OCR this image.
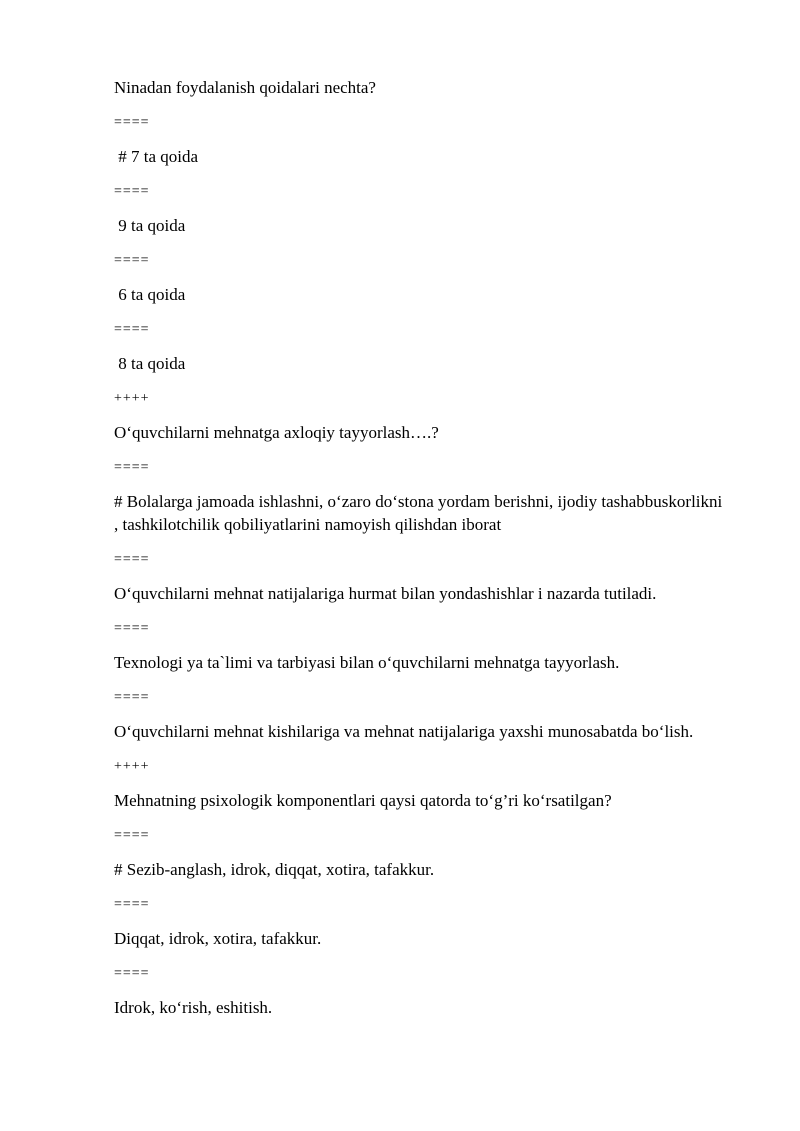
Ninadan foydalanish qoidalari nechta?

====

# 7 ta qoida

====

9 ta qoida

====

6 ta qoida

====

8 ta qoida

++++

O‘quvchilarni mehnatga axloqiy tayyorlash….?

====

# Bolalarga jamoada ishlashni, o‘zaro do‘stona yordam berishni, ijodiy tashabbuskorlikni , tashkilotchilik qobiliyatlarini namoyish qilishdan iborat

====

O‘quvchilarni mehnat natijalariga hurmat bilan yondashishlar i nazarda tutiladi.

====

Texnologi ya ta`limi va tarbiyasi bilan o‘quvchilarni mehnatga tayyorlash.

====

O‘quvchilarni mehnat kishilariga va mehnat natijalariga yaxshi munosabatda bo‘lish.

++++

Mehnatning psixologik komponentlari qaysi qatorda to‘g’ri ko‘rsatilgan?

====

# Sezib-anglash, idrok, diqqat, xotira, tafakkur.

====

Diqqat, idrok, xotira, tafakkur.

====

Idrok, ko‘rish, eshitish.
